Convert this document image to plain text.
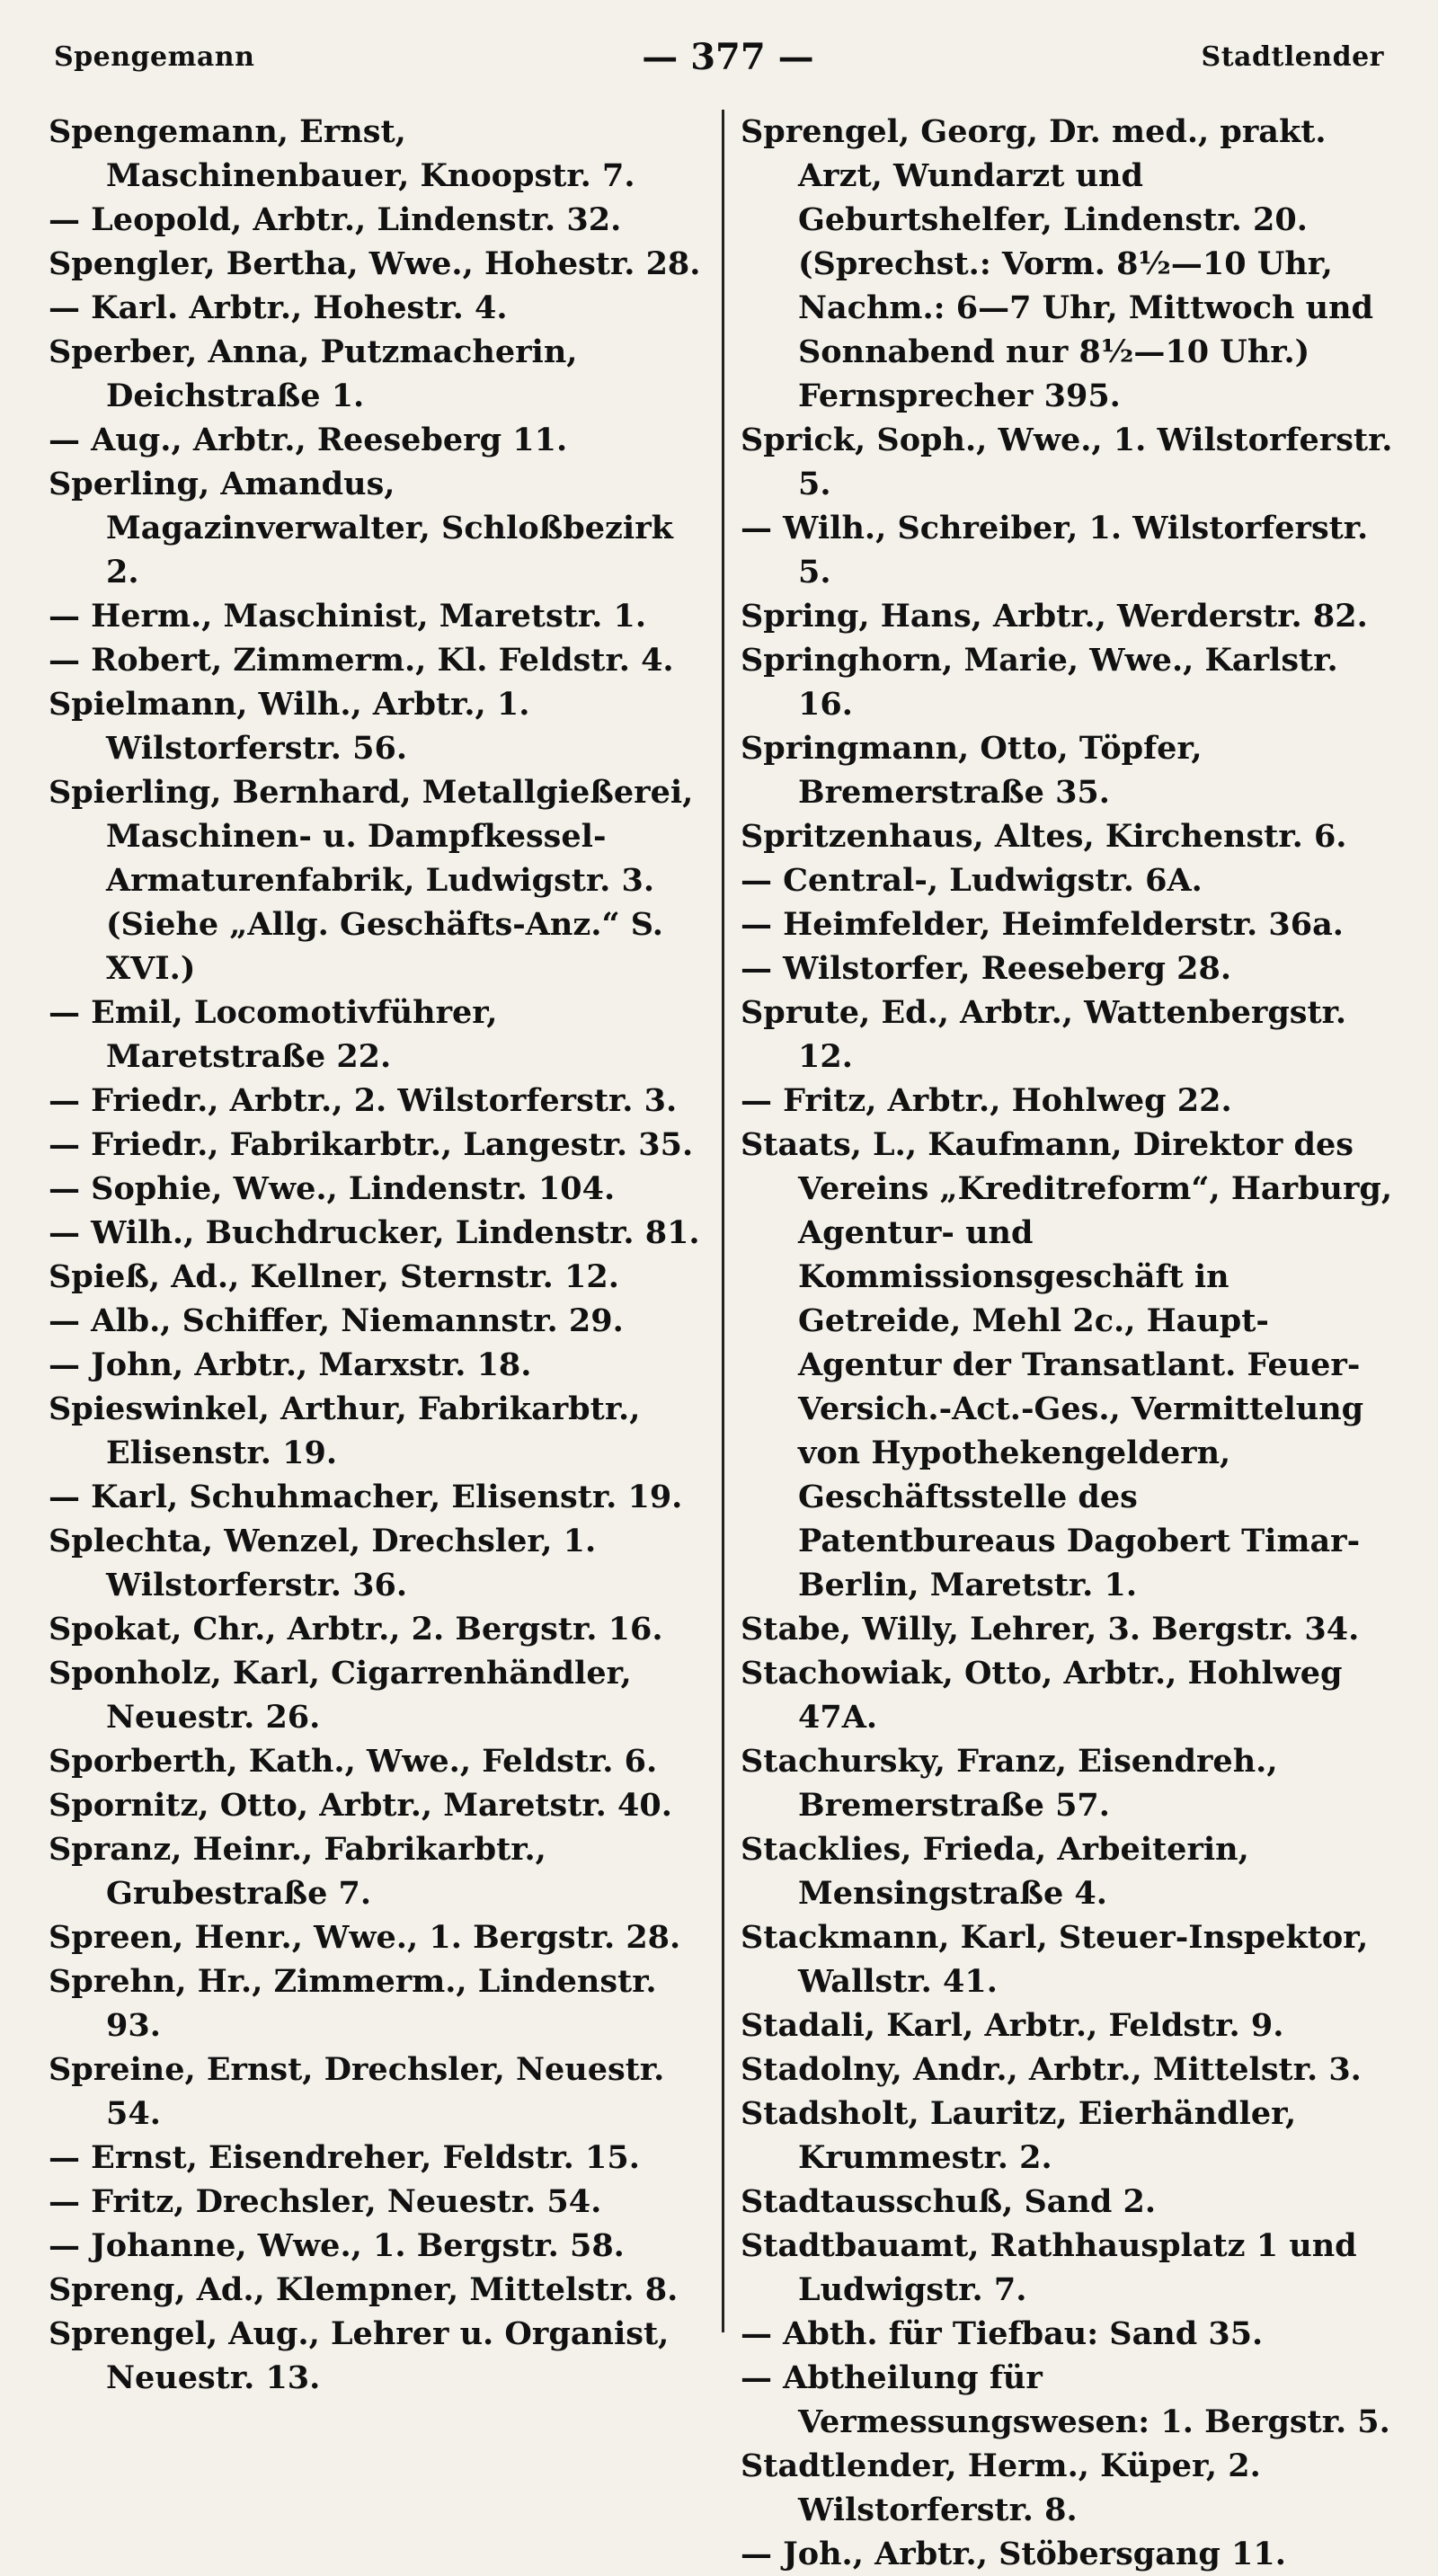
Spengemann	— 377 —	Stadtlender

Spengemann, Ernst, Maschinenbauer, Knoopstr. 7.

— Leopold, Arbtr., Lindenstr. 32.

Spengler, Bertha, Wwe., Hohestr. 28.

— Karl. Arbtr., Hohestr. 4.

Sperber, Anna, Putzmacherin, Deichstraße 1.

— Aug., Arbtr., Reeseberg 11.

Sperling, Amandus, Magazinverwalter, Schloßbezirk 2.

— Herm., Maschinist, Maretstr. 1.

— Robert, Zimmerm., Kl. Feldstr. 4.

Spielmann, Wilh., Arbtr., 1. Wilstorferstr. 56.

Spierling, Bernhard, Metallgießerei, Maschinen- u. Dampfkessel-Armaturenfabrik, Ludwigstr. 3. (Siehe „Allg. Geschäfts-Anz.“ S. XVI.)

— Emil, Locomotivführer, Maretstraße 22.

— Friedr., Arbtr., 2. Wilstorferstr. 3.

— Friedr., Fabrikarbtr., Langestr. 35.

— Sophie, Wwe., Lindenstr. 104.

— Wilh., Buchdrucker, Lindenstr. 81.

Spieß, Ad., Kellner, Sternstr. 12.

— Alb., Schiffer, Niemannstr. 29.

— John, Arbtr., Marxstr. 18.

Spieswinkel, Arthur, Fabrikarbtr., Elisenstr. 19.

— Karl, Schuhmacher, Elisenstr. 19.

Splechta, Wenzel, Drechsler, 1. Wilstorferstr. 36.

Spokat, Chr., Arbtr., 2. Bergstr. 16.

Sponholz, Karl, Cigarrenhändler, Neuestr. 26.

Sporberth, Kath., Wwe., Feldstr. 6.

Spornitz, Otto, Arbtr., Maretstr. 40.

Spranz, Heinr., Fabrikarbtr., Grubestraße 7.

Spreen, Henr., Wwe., 1. Bergstr. 28.

Sprehn, Hr., Zimmerm., Lindenstr. 93.

Spreine, Ernst, Drechsler, Neuestr. 54.

— Ernst, Eisendreher, Feldstr. 15.

— Fritz, Drechsler, Neuestr. 54.

— Johanne, Wwe., 1. Bergstr. 58.

Spreng, Ad., Klempner, Mittelstr. 8.

Sprengel, Aug., Lehrer u. Organist, Neuestr. 13.

Sprengel, Georg, Dr. med., prakt. Arzt, Wundarzt und Geburtshelfer, Lindenstr. 20. (Sprechst.: Vorm. 8½—10 Uhr, Nachm.: 6—7 Uhr, Mittwoch und Sonnabend nur 8½—10 Uhr.) Fernsprecher 395.

Sprick, Soph., Wwe., 1. Wilstorferstr. 5.

— Wilh., Schreiber, 1. Wilstorferstr. 5.

Spring, Hans, Arbtr., Werderstr. 82.

Springhorn, Marie, Wwe., Karlstr. 16.

Springmann, Otto, Töpfer, Bremerstraße 35.

Spritzenhaus, Altes, Kirchenstr. 6.

— Central-, Ludwigstr. 6A.

— Heimfelder, Heimfelderstr. 36a.

— Wilstorfer, Reeseberg 28.

Sprute, Ed., Arbtr., Wattenbergstr. 12.

— Fritz, Arbtr., Hohlweg 22.

Staats, L., Kaufmann, Direktor des Vereins „Kreditreform“, Harburg, Agentur- und Kommissionsgeschäft in Getreide, Mehl 2c., Haupt-Agentur der Transatlant. Feuer-Versich.-Act.-Ges., Vermittelung von Hypothekengeldern, Geschäftsstelle des Patentbureaus Dagobert Timar-Berlin, Maretstr. 1.

Stabe, Willy, Lehrer, 3. Bergstr. 34.

Stachowiak, Otto, Arbtr., Hohlweg 47A.

Stachursky, Franz, Eisendreh., Bremerstraße 57.

Stacklies, Frieda, Arbeiterin, Mensingstraße 4.

Stackmann, Karl, Steuer-Inspektor, Wallstr. 41.

Stadali, Karl, Arbtr., Feldstr. 9.

Stadolny, Andr., Arbtr., Mittelstr. 3.

Stadsholt, Lauritz, Eierhändler, Krummestr. 2.

Stadtausschuß, Sand 2.

Stadtbauamt, Rathhausplatz 1 und Ludwigstr. 7.

— Abth. für Tiefbau: Sand 35.

— Abtheilung für Vermessungswesen: 1. Bergstr. 5.

Stadtlender, Herm., Küper, 2. Wilstorferstr. 8.

— Joh., Arbtr., Stöbersgang 11.
